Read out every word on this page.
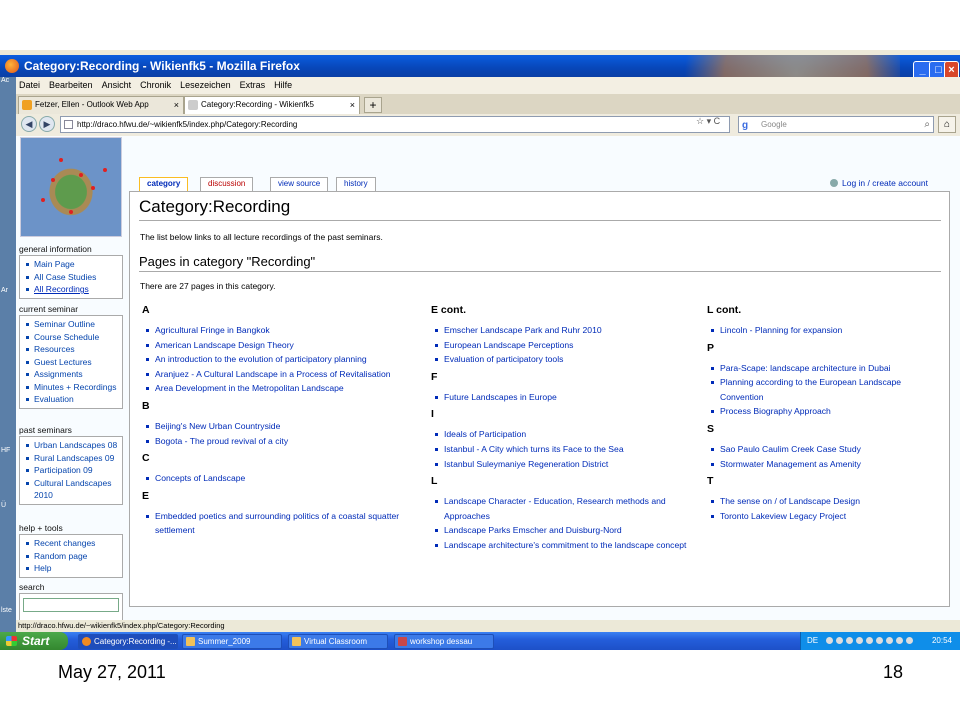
Ac
Ar
HF
Ü
lste
Category:Recording - Wikienfk5 - Mozilla Firefox	_ □ ×
Datei Bearbeiten Ansicht Chronik Lesezeichen Extras Hilfe
Fetzer, Ellen - Outlook Web App	×	Category:Recording - Wikienfk5	×	+
◀	▶	http://draco.hfwu.de/~wikienfk5/index.php/Category:Recording	☆ ▾ C g Google	⌕	⌂
Log in / create account
category	discussion	view source	history
general information
Main Page
All Case Studies
All Recordings
current seminar
Seminar Outline
Course Schedule
Resources
Guest Lectures
Assignments
Minutes + Recordings
Evaluation
past seminars
Urban Landscapes 08
Rural Landscapes 09
Participation 09
Cultural Landscapes 2010
help + tools
Recent changes
Random page
Help
search
Category:Recording
The list below links to all lecture recordings of the past seminars.
Pages in category "Recording"
There are 27 pages in this category.
A
Agricultural Fringe in Bangkok
American Landscape Design Theory
An introduction to the evolution of participatory planning
Aranjuez - A Cultural Landscape in a Process of Revitalisation
Area Development in the Metropolitan Landscape
B
Beijing's New Urban Countryside
Bogota - The proud revival of a city
C
Concepts of Landscape
E
Embedded poetics and surrounding politics of a coastal squatter settlement
E cont.
Emscher Landscape Park and Ruhr 2010
European Landscape Perceptions
Evaluation of participatory tools
F
Future Landscapes in Europe
I
Ideals of Participation
Istanbul - A City which turns its Face to the Sea
Istanbul Suleymaniye Regeneration District
L
Landscape Character - Education, Research methods and Approaches
Landscape Parks Emscher and Duisburg-Nord
Landscape architecture's commitment to the landscape concept
L cont.
Lincoln - Planning for expansion
P
Para-Scape: landscape architecture in Dubai
Planning according to the European Landscape Convention
Process Biography Approach
S
Sao Paulo Caulim Creek Case Study
Stormwater Management as Amenity
T
The sense on / of Landscape Design
Toronto Lakeview Legacy Project
http://draco.hfwu.de/~wikienfk5/index.php/Category:Recording
Start	Category:Recording -...	Summer_2009	Virtual Classroom	workshop dessau	DE	20:54
May 27, 2011	18
